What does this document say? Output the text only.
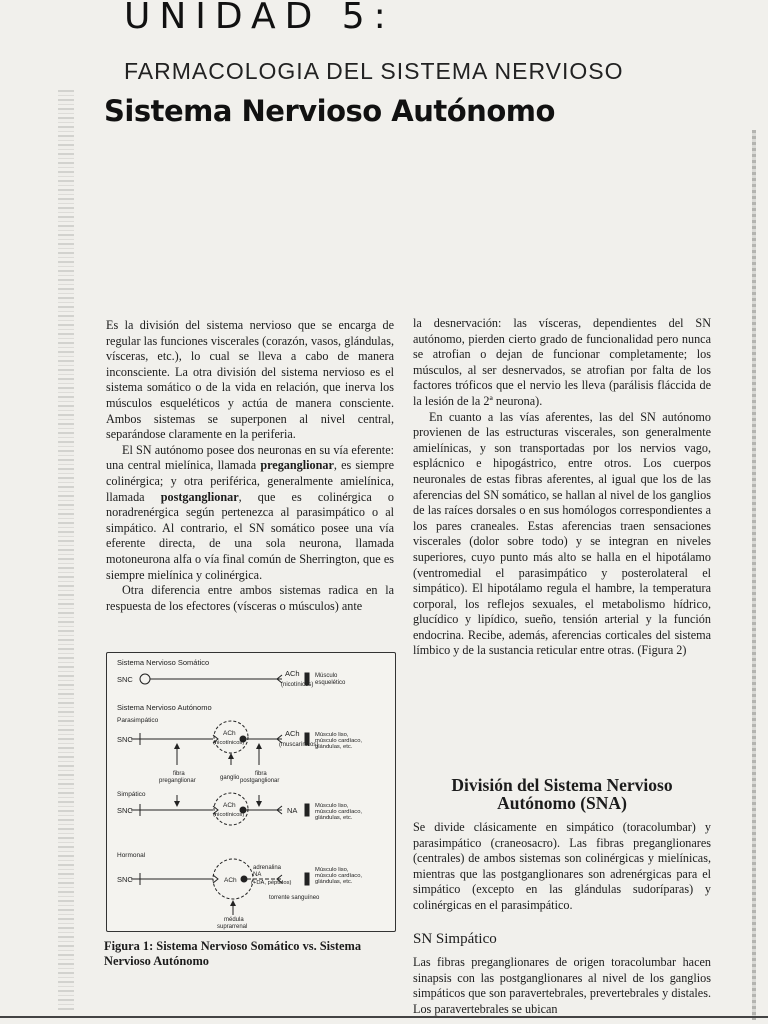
UNIDAD 5:
FARMACOLOGIA DEL SISTEMA NERVIOSO
Sistema Nervioso Autónomo

Es la división del sistema nervioso que se encarga de regular las funciones viscerales (corazón, vasos, glándulas, vísceras, etc.), lo cual se lleva a cabo de manera inconsciente. La otra división del sistema nervioso es el sistema somático o de la vida en relación, que inerva los músculos esqueléticos y actúa de manera consciente. Ambos sistemas se superponen al nivel central, separándose claramente en la periferia.

El SN autónomo posee dos neuronas en su vía eferente: una central mielínica, llamada preganglionar, es siempre colinérgica; y otra periférica, generalmente amielínica, llamada postganglionar, que es colinérgica o noradrenérgica según pertenezca al parasimpático o al simpático. Al contrario, el SN somático posee una vía eferente directa, de una sola neurona, llamada motoneurona alfa o vía final común de Sherrington, que es siempre mielínica y colinérgica.

Otra diferencia entre ambos sistemas radica en la respuesta de los efectores (vísceras o músculos) ante

la desnervación: las vísceras, dependientes del SN autónomo, pierden cierto grado de funcionalidad pero nunca se atrofian o dejan de funcionar completamente; los músculos, al ser desnervados, se atrofian por falta de los factores tróficos que el nervio les lleva (parálisis fláccida de la lesión de la 2ª neurona).

En cuanto a las vías aferentes, las del SN autónomo provienen de las estructuras viscerales, son generalmente amielínicas, y son transportadas por los nervios vago, esplácnico e hipogástrico, entre otros. Los cuerpos neuronales de estas fibras aferentes, al igual que los de las aferencias del SN somático, se hallan al nivel de los ganglios de las raíces dorsales o en sus homólogos correspondientes a los pares craneales. Estas aferencias traen sensaciones viscerales (dolor sobre todo) y se integran en niveles superiores, cuyo punto más alto se halla en el hipotálamo (ventromedial el parasimpático y posterolateral el simpático). El hipotálamo regula el hambre, la temperatura corporal, los reflejos sexuales, el metabolismo hídrico, glucídico y lipídico, sueño, tensión arterial y la función endocrina. Recibe, además, aferencias corticales del sistema límbico y de la sustancia reticular entre otras. (Figura 2)

División del Sistema Nervioso Autónomo (SNA)

Se divide clásicamente en simpático (toracolumbar) y parasimpático (craneosacro). Las fibras preganglionares (centrales) de ambos sistemas son colinérgicas y mielínicas, mientras que las postganglionares son adrenérgicas para el simpático (excepto en las glándulas sudoríparas) y colinérgicas en el parasimpático.

SN Simpático

Las fibras preganglionares de origen toracolumbar hacen sinapsis con las postganglionares al nivel de los ganglios simpáticos que son paravertebrales, prevertebrales y distales. Los paravertebrales se ubican

Sistema Nervioso Somático
SNC
ACh
(nicotínicos)
Músculo
esquelético
Sistema Nervioso Autónomo
Parasimpático
SNC
ACh
(nicotínicos)
ACh
(muscarínicos)
Músculo liso,
músculo cardíaco,
glándulas, etc.
fibra
preganglionar	ganglio
fibra
postganglionar
Simpático
SNC
ACh
(nicotínicos)	NA	Músculo liso,
músculo cardíaco,
glándulas, etc.
Hormonal
SNC	ACh
adrenalina
NA
(+DA, péptidos)
torrente sanguíneo
Músculo liso,
músculo cardíaco,
glándulas, etc.
médula
suprarrenal
Figura 1: Sistema Nervioso Somático vs. Sistema Nervioso Autónomo
